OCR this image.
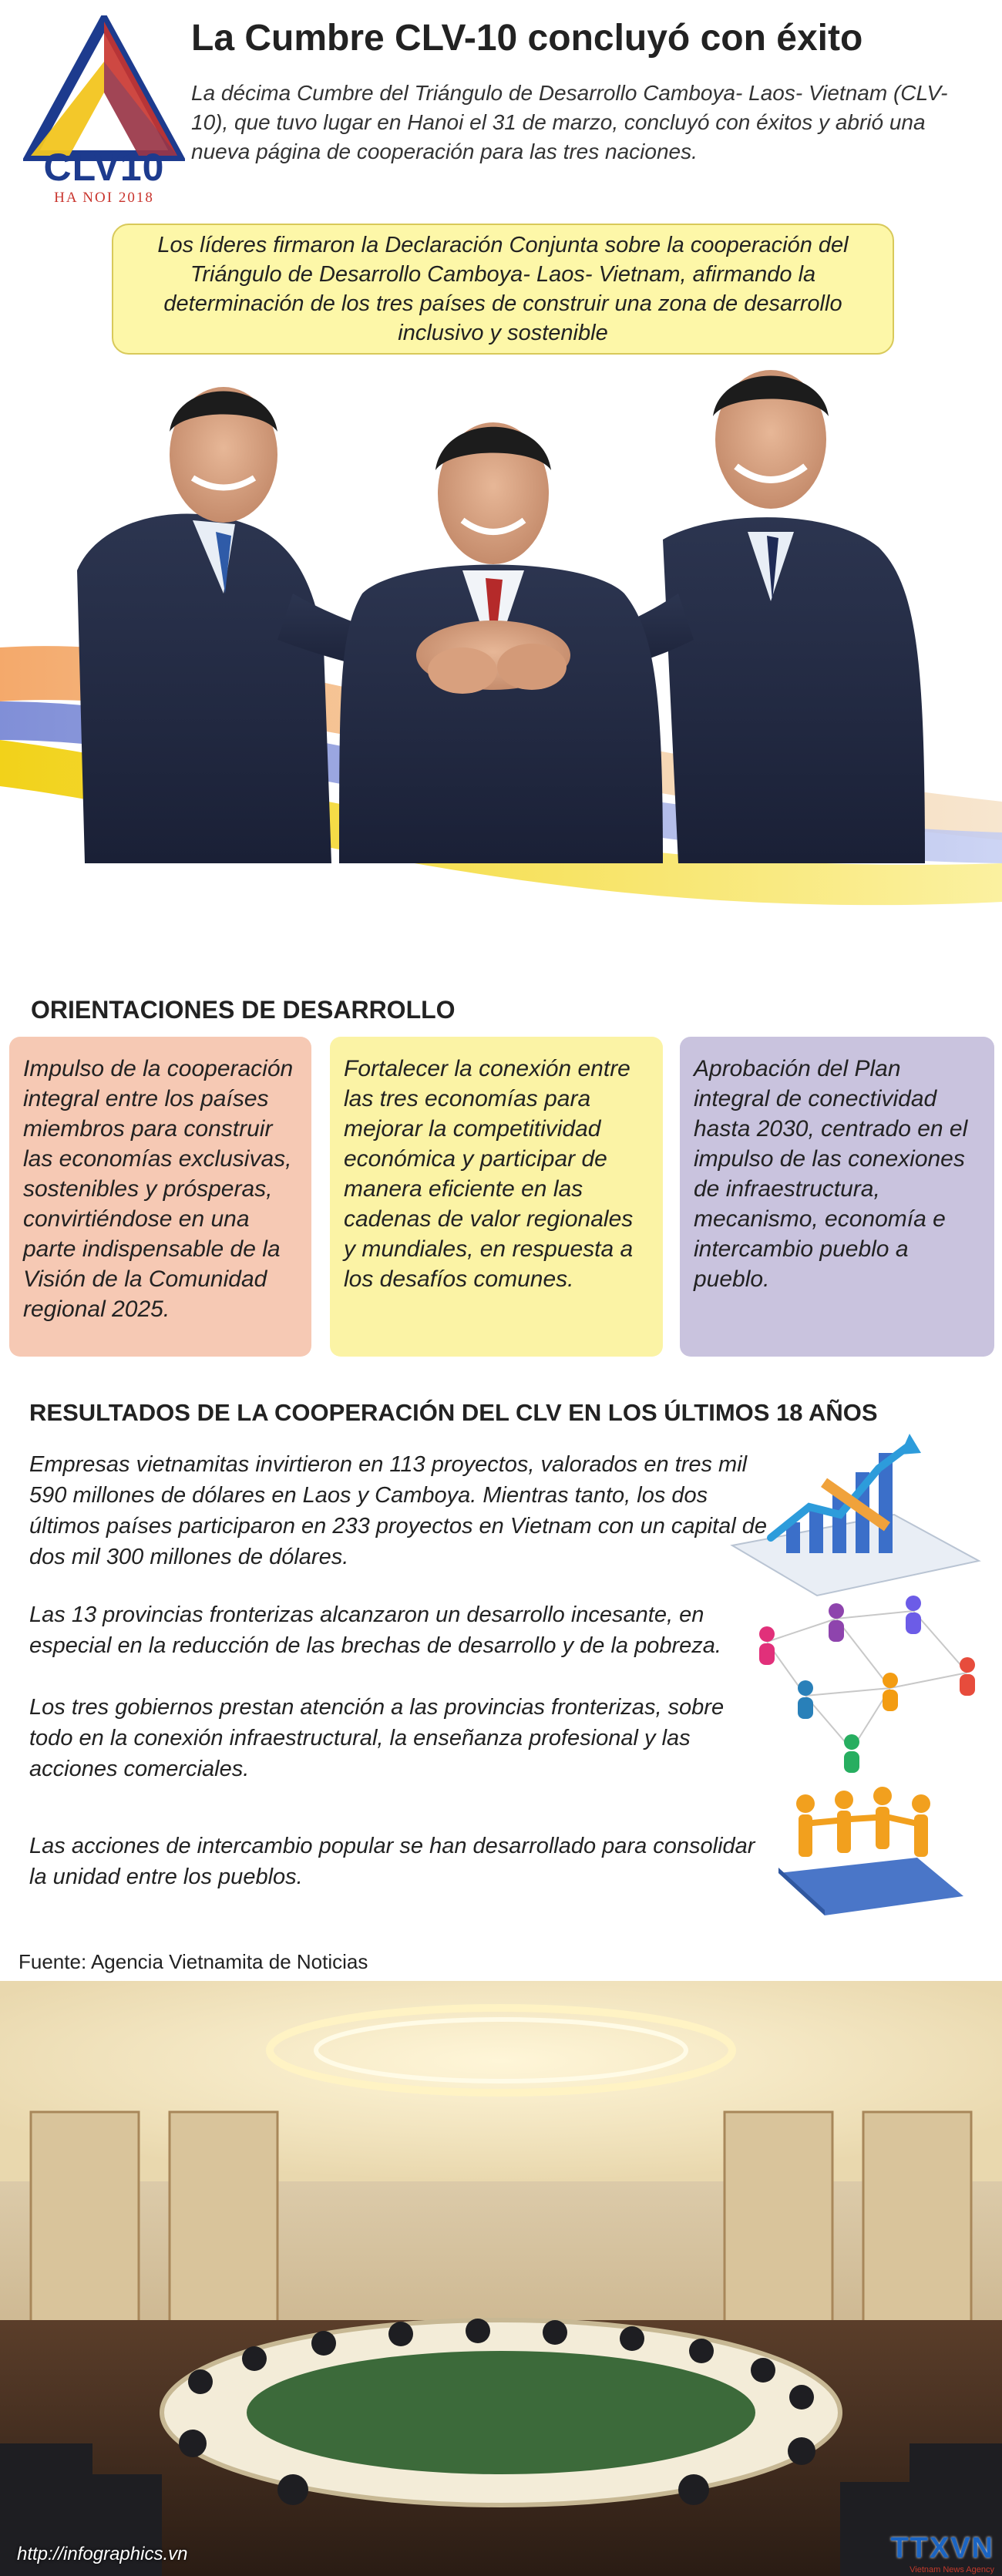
CLV10
HA NOI 2018
La Cumbre CLV-10 concluyó con éxito

La décima Cumbre del Triángulo de Desarrollo Camboya- Laos- Vietnam (CLV-10), que tuvo lugar en Hanoi el 31 de marzo, concluyó con éxitos y abrió una nueva página de cooperación para las tres naciones.

Los líderes firmaron la Declaración Conjunta sobre la cooperación del Triángulo de Desarrollo Camboya- Laos- Vietnam, afirmando la determinación de los tres países de construir una zona de desarrollo inclusivo y sostenible
ORIENTACIONES DE DESARROLLO
Impulso de la cooperación integral entre los países miembros para construir las economías exclusivas, sostenibles y prósperas, convirtiéndose en una parte indispensable de la Visión de la Comunidad regional 2025.
Fortalecer la conexión entre las tres economías para mejorar la competitividad económica y participar de manera eficiente en las cadenas de valor regionales y mundiales, en respuesta a los desafíos comunes.
Aprobación del Plan integral de conectividad hasta 2030, centrado en el impulso de las conexiones de infraestructura, mecanismo, economía e intercambio pueblo a pueblo.
RESULTADOS DE LA COOPERACIÓN DEL CLV EN LOS ÚLTIMOS 18 AÑOS

Empresas vietnamitas invirtieron en 113 proyectos, valorados en tres mil 590 millones de dólares en Laos y Camboya. Mientras tanto, los dos últimos países participaron en 233 proyectos en Vietnam con un capital de dos mil 300 millones de dólares.

Las 13 provincias fronterizas alcanzaron un desarrollo incesante, en especial en la reducción de las brechas de desarrollo y de la pobreza.

Los tres gobiernos prestan atención a las provincias fronterizas, sobre todo en la conexión infraestructural, la enseñanza profesional y las acciones comerciales.

Las acciones de intercambio popular se han desarrollado para consolidar la unidad entre los pueblos.

Fuente: Agencia Vietnamita de Noticias
http://infographics.vn	TTXVN
Vietnam News Agency
